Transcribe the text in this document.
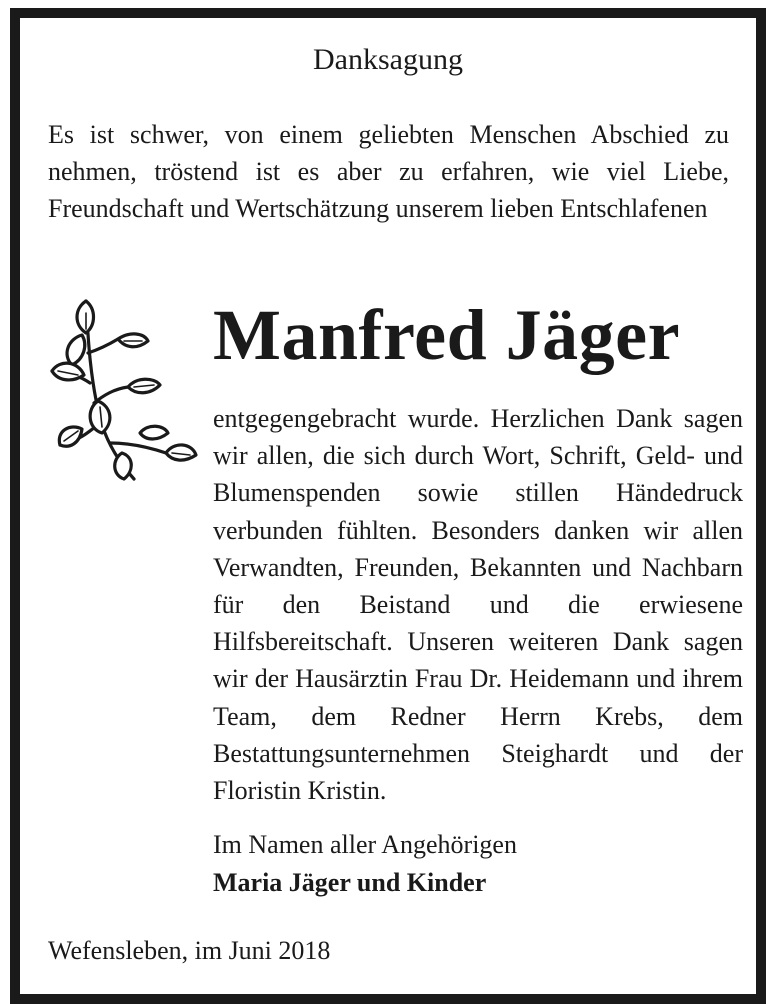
Danksagung

Es ist schwer, von einem geliebten Menschen Abschied zu nehmen, tröstend ist es aber zu erfahren, wie viel Liebe, Freundschaft und Wertschätzung unserem lieben Entschlafenen

Manfred Jäger

entgegengebracht wurde. Herzlichen Dank sagen wir allen, die sich durch Wort, Schrift, Geld- und Blumenspenden sowie stillen Händedruck verbunden fühlten. Besonders danken wir allen Verwandten, Freunden, Bekannten und Nachbarn für den Beistand und die erwiesene Hilfsbereitschaft. Unseren weiteren Dank sagen wir der Hausärztin Frau Dr. Heidemann und ihrem Team, dem Redner Herrn Krebs, dem Bestattungsunternehmen Steighardt und der Floristin Kristin.

Im Namen aller Angehörigen
Maria Jäger und Kinder
Wefensleben, im Juni 2018
